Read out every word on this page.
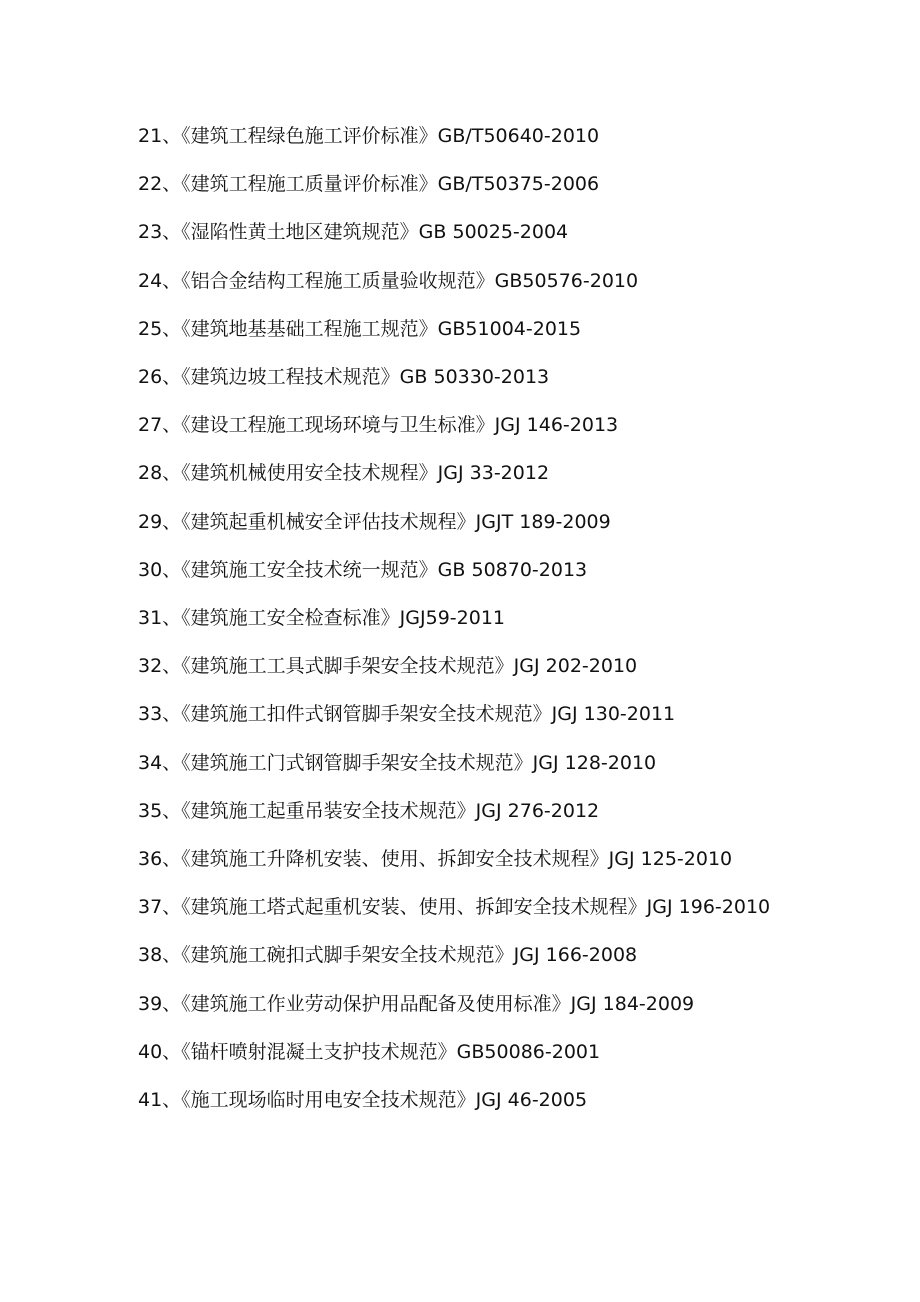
21、《建筑工程绿色施工评价标准》GB/T50640-2010
22、《建筑工程施工质量评价标准》GB/T50375-2006
23、《湿陷性黄土地区建筑规范》GB 50025-2004
24、《铝合金结构工程施工质量验收规范》GB50576-2010
25、《建筑地基基础工程施工规范》GB51004-2015
26、《建筑边坡工程技术规范》GB 50330-2013
27、《建设工程施工现场环境与卫生标准》JGJ 146-2013
28、《建筑机械使用安全技术规程》JGJ 33-2012
29、《建筑起重机械安全评估技术规程》JGJT 189-2009
30、《建筑施工安全技术统一规范》GB 50870-2013
31、《建筑施工安全检查标准》JGJ59-2011
32、《建筑施工工具式脚手架安全技术规范》JGJ 202-2010
33、《建筑施工扣件式钢管脚手架安全技术规范》JGJ 130-2011
34、《建筑施工门式钢管脚手架安全技术规范》JGJ 128-2010
35、《建筑施工起重吊装安全技术规范》JGJ 276-2012
36、《建筑施工升降机安装、使用、拆卸安全技术规程》JGJ 125-2010
37、《建筑施工塔式起重机安装、使用、拆卸安全技术规程》JGJ 196-2010
38、《建筑施工碗扣式脚手架安全技术规范》JGJ 166-2008
39、《建筑施工作业劳动保护用品配备及使用标准》JGJ 184-2009
40、《锚杆喷射混凝土支护技术规范》GB50086-2001
41、《施工现场临时用电安全技术规范》JGJ 46-2005
